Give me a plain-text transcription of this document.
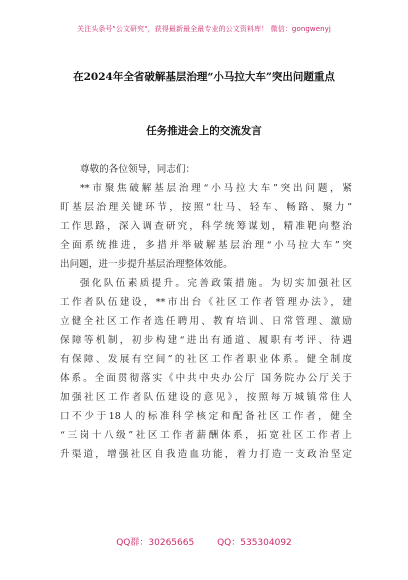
关注头条号"公文研究"，获得最新最全最专业的公文资料库！ 微信：gongwenyj
在2024年全省破解基层治理“小马拉大车”突出问题重点
任务推进会上的交流发言
尊敬的各位领导，同志们：
**市聚焦破解基层治理“小马拉大车”突出问题，紧
盯基层治理关键环节，按照“壮马、轻车、畅路、聚力”
工作思路，深入调查研究，科学统筹谋划，精准靶向整治
全面系统推进，多措并举破解基层治理“小马拉大车”突
出问题，进一步提升基层治理整体效能。
强化队伍素质提升。完善政策措施。为切实加强社区
工作者队伍建设，**市出台《社区工作者管理办法》，建
立健全社区工作者选任聘用、教育培训、日常管理、激励
保障等机制，初步构建“进出有通道、履职有考评、待遇
有保障、发展有空间”的社区工作者职业体系。健全制度
体系。全面贯彻落实《中共中央办公厅 国务院办公厅关于
加强社区工作者队伍建设的意见》，按照每万城镇常住人
口不少于18人的标准科学核定和配备社区工作者，健全
“三岗十八级”社区工作者薪酬体系，拓宽社区工作者上
升渠道，增强社区自我造血功能，着力打造一支政治坚定
QQ群：30265665	QQ：535304092
